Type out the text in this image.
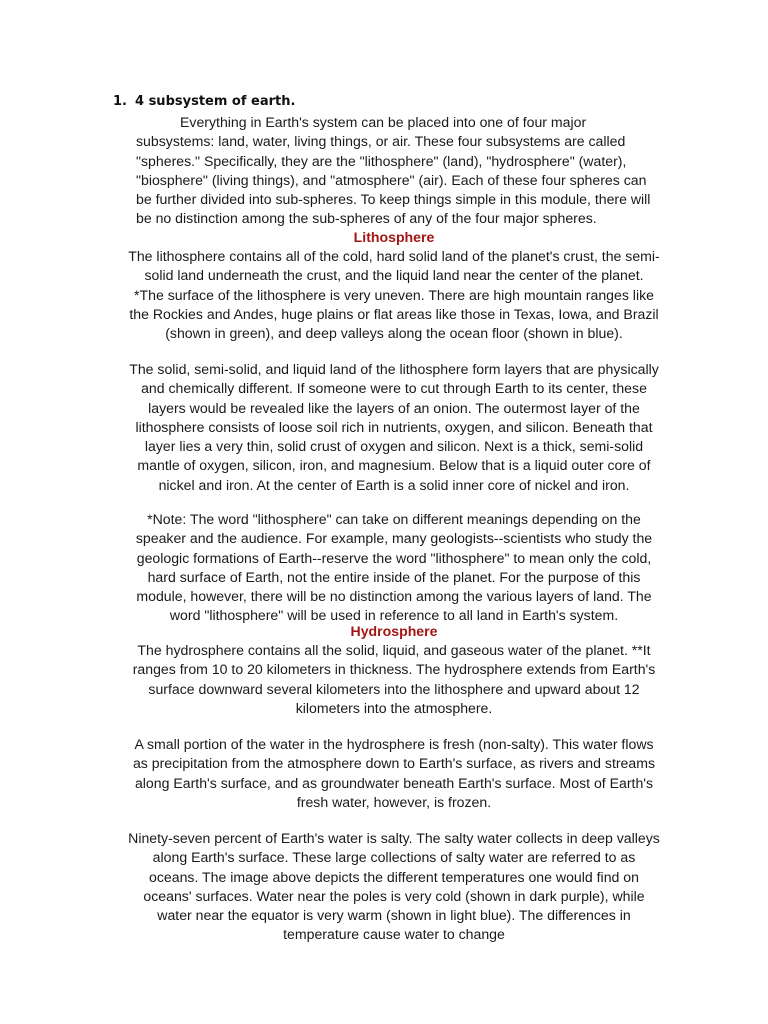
1. 4 subsystem of earth.

Everything in Earth's system can be placed into one of four major subsystems: land, water, living things, or air. These four subsystems are called "spheres." Specifically, they are the "lithosphere" (land), "hydrosphere" (water), "biosphere" (living things), and "atmosphere" (air). Each of these four spheres can be further divided into sub-spheres. To keep things simple in this module, there will be no distinction among the sub-spheres of any of the four major spheres.

Lithosphere

The lithosphere contains all of the cold, hard solid land of the planet's crust, the semi-solid land underneath the crust, and the liquid land near the center of the planet. *The surface of the lithosphere is very uneven. There are high mountain ranges like the Rockies and Andes, huge plains or flat areas like those in Texas, Iowa, and Brazil (shown in green), and deep valleys along the ocean floor (shown in blue).

The solid, semi-solid, and liquid land of the lithosphere form layers that are physically and chemically different. If someone were to cut through Earth to its center, these layers would be revealed like the layers of an onion. The outermost layer of the lithosphere consists of loose soil rich in nutrients, oxygen, and silicon. Beneath that layer lies a very thin, solid crust of oxygen and silicon. Next is a thick, semi-solid mantle of oxygen, silicon, iron, and magnesium. Below that is a liquid outer core of nickel and iron. At the center of Earth is a solid inner core of nickel and iron.

*Note: The word "lithosphere" can take on different meanings depending on the speaker and the audience. For example, many geologists--scientists who study the geologic formations of Earth--reserve the word "lithosphere" to mean only the cold, hard surface of Earth, not the entire inside of the planet. For the purpose of this module, however, there will be no distinction among the various layers of land. The word "lithosphere" will be used in reference to all land in Earth's system.

Hydrosphere

The hydrosphere contains all the solid, liquid, and gaseous water of the planet. **It ranges from 10 to 20 kilometers in thickness. The hydrosphere extends from Earth's surface downward several kilometers into the lithosphere and upward about 12 kilometers into the atmosphere.

A small portion of the water in the hydrosphere is fresh (non-salty). This water flows as precipitation from the atmosphere down to Earth's surface, as rivers and streams along Earth's surface, and as groundwater beneath Earth's surface. Most of Earth's fresh water, however, is frozen.

Ninety-seven percent of Earth's water is salty. The salty water collects in deep valleys along Earth's surface. These large collections of salty water are referred to as oceans. The image above depicts the different temperatures one would find on oceans' surfaces. Water near the poles is very cold (shown in dark purple), while water near the equator is very warm (shown in light blue). The differences in temperature cause water to change
